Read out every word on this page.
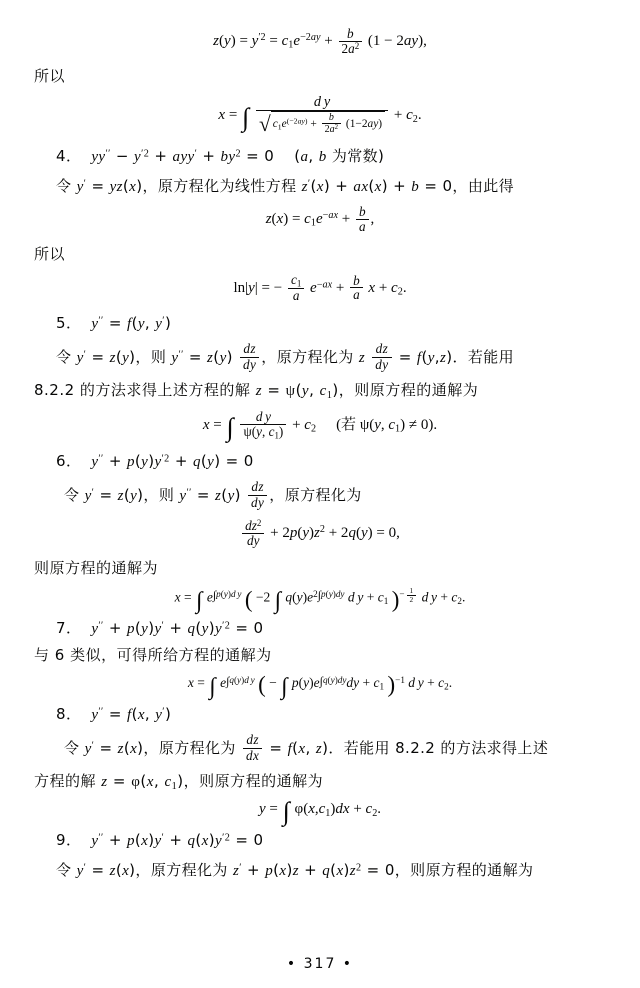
$z(y) = y^{'2} = c_1e^{-2ay} + \frac{b}{2a^2} (1 - 2ay)$,
所以
x = ∫
d y
√ $c_1e^{(-2ay)} + \frac{b}{2a^2} (1-2ay)$
+ $c_2$.
4． $yy'' - y^{'2} + ayy' + by^2 = 0$ (a, b 为常数)
令 y′ = yz(x)，原方程化为线性方程 z′(x) + ax(x) + b = 0，由此得
$z(x) = c_1e^{-ax} + \frac{b}{a}$ ,
所以
ln|y| = − $\frac{c_1}{a} e^{-ax} + \frac{b}{a}$ $x + c_2$.
5． y′′ = f(y, y′)
令 y′ = z(y)，则 $y'' = z(y) \frac{dz}{dy}$ ，原方程化为 z $\frac{dz}{dy} = f(y,z)$．若能用
8.2.2 的方法求得上述方程的解 z = ψ(y, $c_1$)，则原方程的通解为
x = ∫ $\frac{\text{d y}}{\psi(y, c_1)} + c_2$ (若 ψ(y, $c_1) \ne 0$).
6． $y'' + p(y)y^{'2} + q(y) = 0$
令 y′ = z(y)，则 $y'' = z(y) \frac{dz}{dy}$ ，原方程化为
$\frac{dz^2}{dy} + 2p(y)z^2 + 2q(y) = 0$,
则原方程的通解为
x = ∫ $e^{\int p(y)d y}$ ( −2 ∫ $q(y)e^{2\int p(y)dy}$ d $y + c_1$ )$^{- \frac{1}{2}}$ d $y + c_2$.
7． $y'' + p(y)y' + q(y)y^{'2} = 0$
与 6 类似，可得所给方程的通解为
x = ∫ $e^{\int q(y)d y}$ ( − ∫ $p(y)e^{\int q(y)dy}dy + c_1$ )$^{-1}$ d $y + c_2$.
8． y′′ = f(x, y′)
令 y′ = z(x)，原方程化为 $\frac{dz}{dx} = f(x$, z)．若能用 8.2.2 的方法求得上述
方程的解 z = φ(x, $c_1$)，则原方程的通解为
y = ∫ $\varphi(x,c_1)dx + c_2$.
9． $y'' + p(x)y' + q(x)y^{'2} = 0$
令 y′ = z(x)，原方程化为 $z' + p(x)z + q(x)z^2 = 0$，则原方程的通解为
• 317 •
